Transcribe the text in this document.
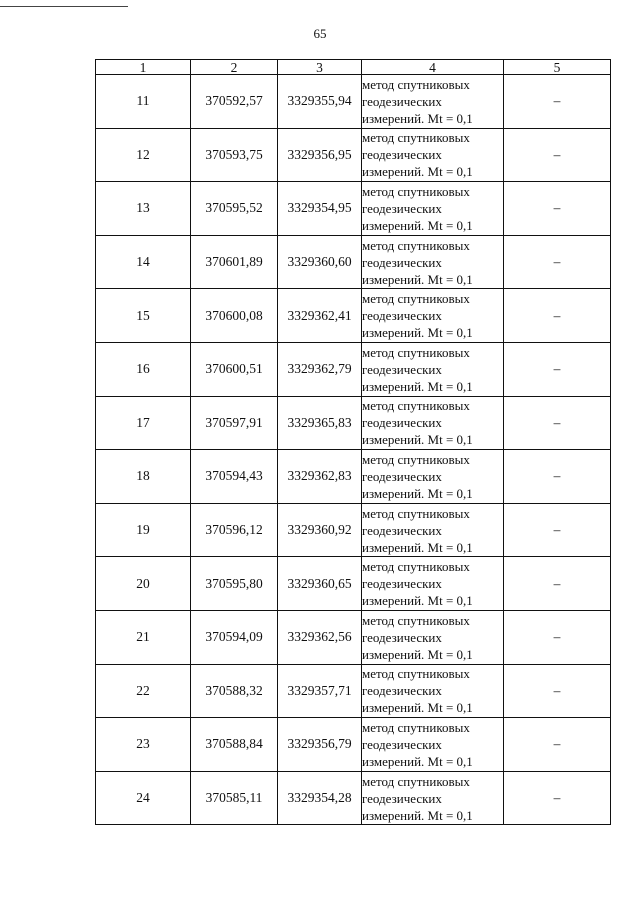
65
1	2	3	4	5
11	370592,57	3329355,94	метод спутниковых
геодезических
измерений. Mt = 0,1	–
12	370593,75	3329356,95	метод спутниковых
геодезических
измерений. Mt = 0,1	–
13	370595,52	3329354,95	метод спутниковых
геодезических
измерений. Mt = 0,1	–
14	370601,89	3329360,60	метод спутниковых
геодезических
измерений. Mt = 0,1	–
15	370600,08	3329362,41	метод спутниковых
геодезических
измерений. Mt = 0,1	–
16	370600,51	3329362,79	метод спутниковых
геодезических
измерений. Mt = 0,1	–
17	370597,91	3329365,83	метод спутниковых
геодезических
измерений. Mt = 0,1	–
18	370594,43	3329362,83	метод спутниковых
геодезических
измерений. Mt = 0,1	–
19	370596,12	3329360,92	метод спутниковых
геодезических
измерений. Mt = 0,1	–
20	370595,80	3329360,65	метод спутниковых
геодезических
измерений. Mt = 0,1	–
21	370594,09	3329362,56	метод спутниковых
геодезических
измерений. Mt = 0,1	–
22	370588,32	3329357,71	метод спутниковых
геодезических
измерений. Mt = 0,1	–
23	370588,84	3329356,79	метод спутниковых
геодезических
измерений. Mt = 0,1	–
24	370585,11	3329354,28	метод спутниковых
геодезических
измерений. Mt = 0,1	–
